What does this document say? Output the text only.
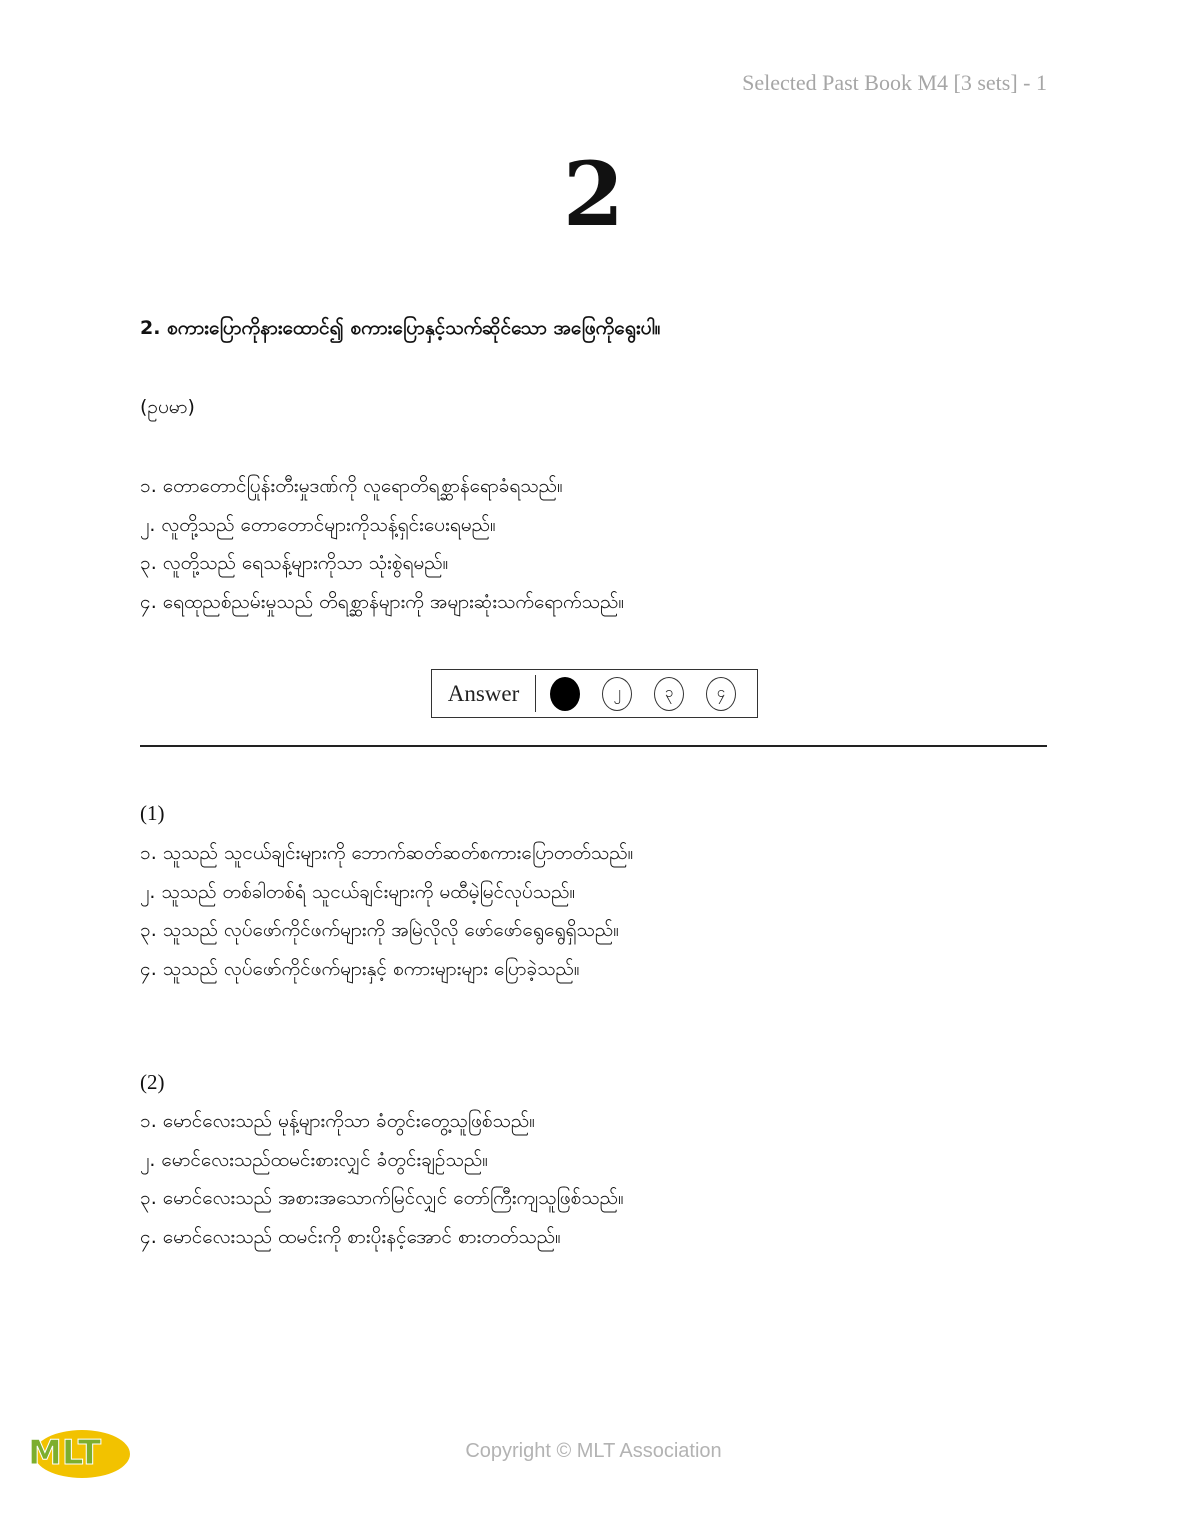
Selected Past Book M4 [3 sets] - 1
2
2. စကားပြောကိုနားထောင်၍ စကားပြောနှင့်သက်ဆိုင်သော အဖြေကိုရွေးပါ။
(ဥပမာ)
၁. တောတောင်ပြုန်းတီးမှုဒဏ်ကို လူရောတိရစ္ဆာန်ရောခံရသည်။
၂. လူတို့သည် တောတောင်များကိုသန့်ရှင်းပေးရမည်။
၃. လူတို့သည် ရေသန့်များကိုသာ သုံးစွဲရမည်။
၄. ရေထုညစ်ညမ်းမှုသည် တိရစ္ဆာန်များကို အများဆုံးသက်ရောက်သည်။
Answer	၂	၃	၄
(1)
၁. သူသည် သူငယ်ချင်းများကို ဘောက်ဆတ်ဆတ်စကားပြောတတ်သည်။
၂. သူသည် တစ်ခါတစ်ရံ သူငယ်ချင်းများကို မထီမဲ့မြင်လုပ်သည်။
၃. သူသည် လုပ်ဖော်ကိုင်ဖက်များကို အမြဲလိုလို ဖော်ဖော်ရွေရွေရှိသည်။
၄. သူသည် လုပ်ဖော်ကိုင်ဖက်များနှင့် စကားများများ ပြောခဲ့သည်။
(2)
၁. မောင်လေးသည် မုန့်များကိုသာ ခံတွင်းတွေ့သူဖြစ်သည်။
၂. မောင်လေးသည်ထမင်းစားလျှင် ခံတွင်းချဉ်သည်။
၃. မောင်လေးသည် အစားအသောက်မြင်လျှင် တော်ကြီးကျသူဖြစ်သည်။
၄. မောင်လေးသည် ထမင်းကို စားပိုးနင့်အောင် စားတတ်သည်။
MLT	Copyright © MLT Association
